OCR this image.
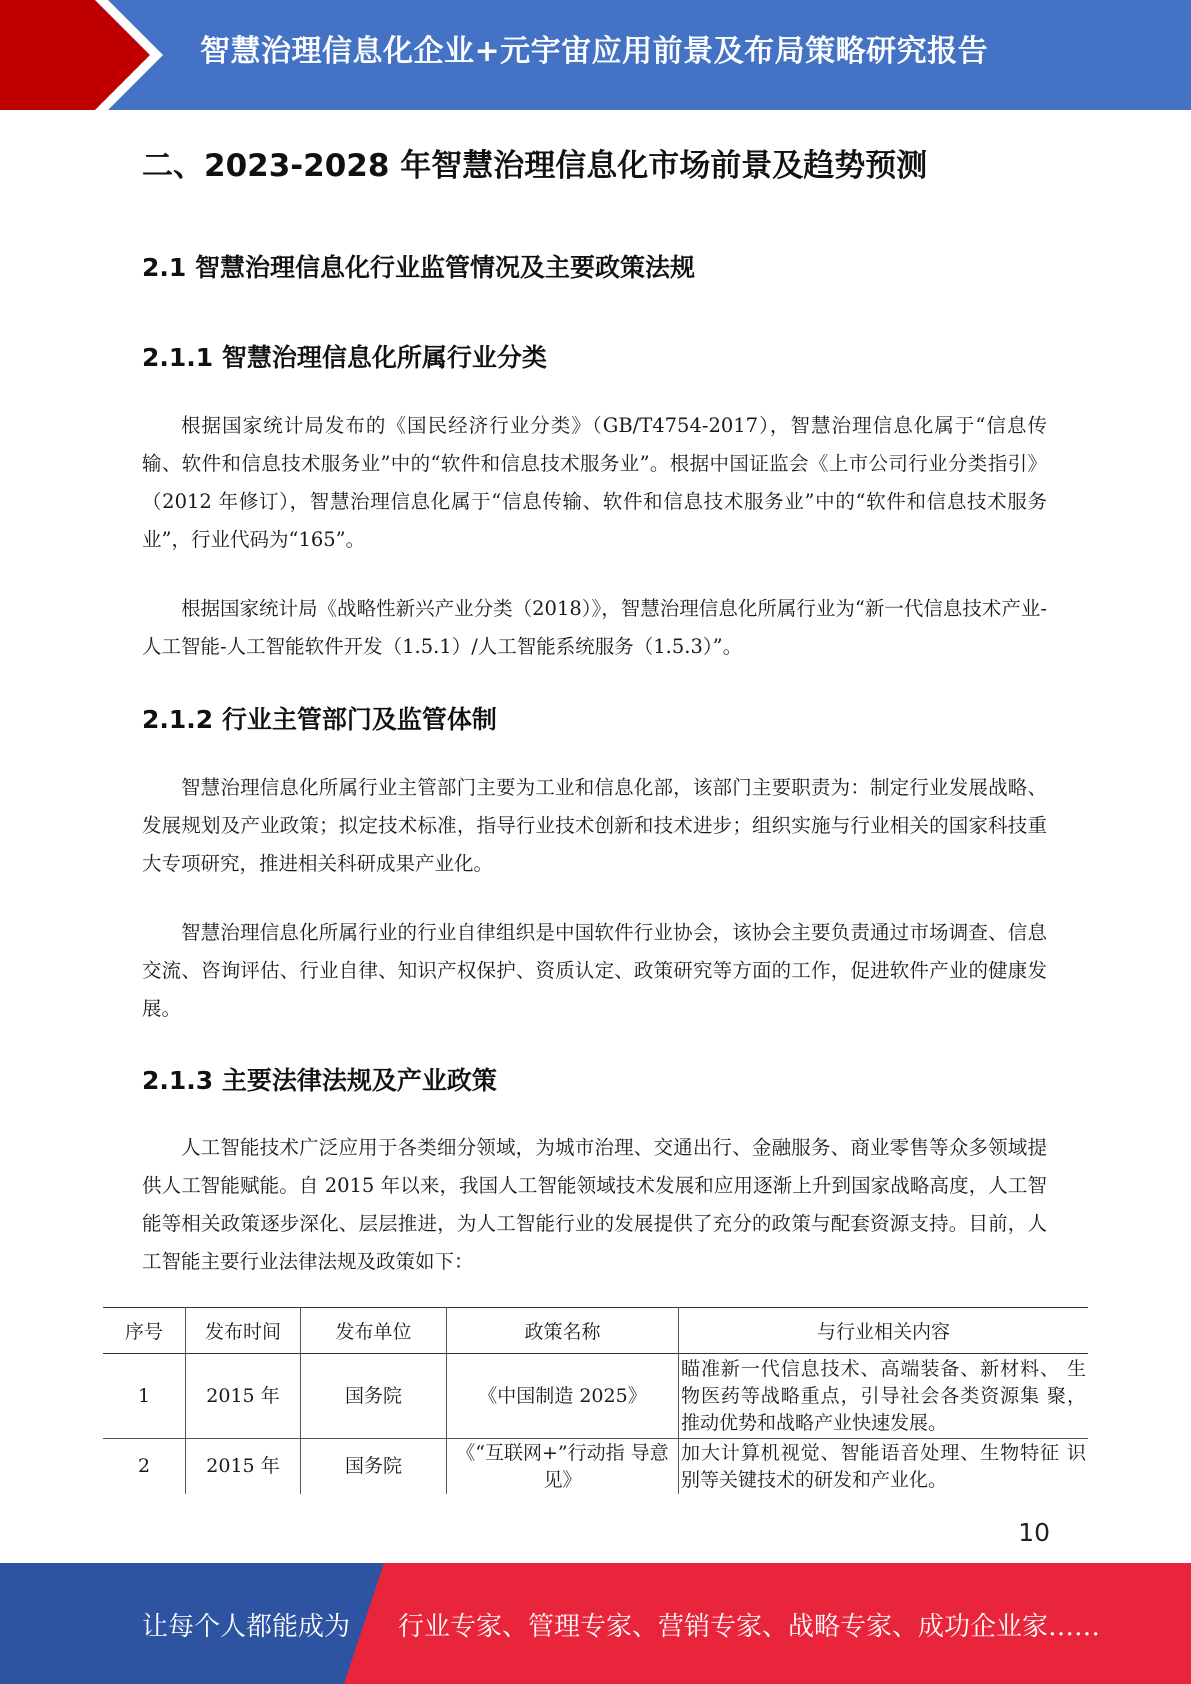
智慧治理信息化企业+元宇宙应用前景及布局策略研究报告
二、2023-2028 年智慧治理信息化市场前景及趋势预测
2.1 智慧治理信息化行业监管情况及主要政策法规
2.1.1 智慧治理信息化所属行业分类
根据国家统计局发布的《国民经济行业分类》（GB/T4754-2017），智慧治理信息化属于“信息传输、软件和信息技术服务业”中的“软件和信息技术服务业”。根据中国证监会《上市公司行业分类指引》（2012 年修订），智慧治理信息化属于“信息传输、软件和信息技术服务业”中的“软件和信息技术服务业”，行业代码为“165”。
根据国家统计局《战略性新兴产业分类（2018）》，智慧治理信息化所属行业为“新一代信息技术产业-人工智能-人工智能软件开发（1.5.1）/人工智能系统服务（1.5.3）”。
2.1.2 行业主管部门及监管体制
智慧治理信息化所属行业主管部门主要为工业和信息化部，该部门主要职责为：制定行业发展战略、发展规划及产业政策；拟定技术标准，指导行业技术创新和技术进步；组织实施与行业相关的国家科技重大专项研究，推进相关科研成果产业化。
智慧治理信息化所属行业的行业自律组织是中国软件行业协会，该协会主要负责通过市场调查、信息交流、咨询评估、行业自律、知识产权保护、资质认定、政策研究等方面的工作，促进软件产业的健康发展。
2.1.3 主要法律法规及产业政策
人工智能技术广泛应用于各类细分领域，为城市治理、交通出行、金融服务、商业零售等众多领域提供人工智能赋能。自 2015 年以来，我国人工智能领域技术发展和应用逐渐上升到国家战略高度，人工智能等相关政策逐步深化、层层推进，为人工智能行业的发展提供了充分的政策与配套资源支持。目前，人工智能主要行业法律法规及政策如下：
序号	发布时间	发布单位	政策名称	与行业相关内容
1	2015 年	国务院	《中国制造 2025》	瞄准新一代信息技术、高端装备、新材料、 生物医药等战略重点，引导社会各类资源集 聚，推动优势和战略产业快速发展。
2	2015 年	国务院	《“互联网+”行动指 导意见》	加大计算机视觉、智能语音处理、生物特征 识别等关键技术的研发和产业化。
10
让每个人都能成为 行业专家、管理专家、营销专家、战略专家、成功企业家……
